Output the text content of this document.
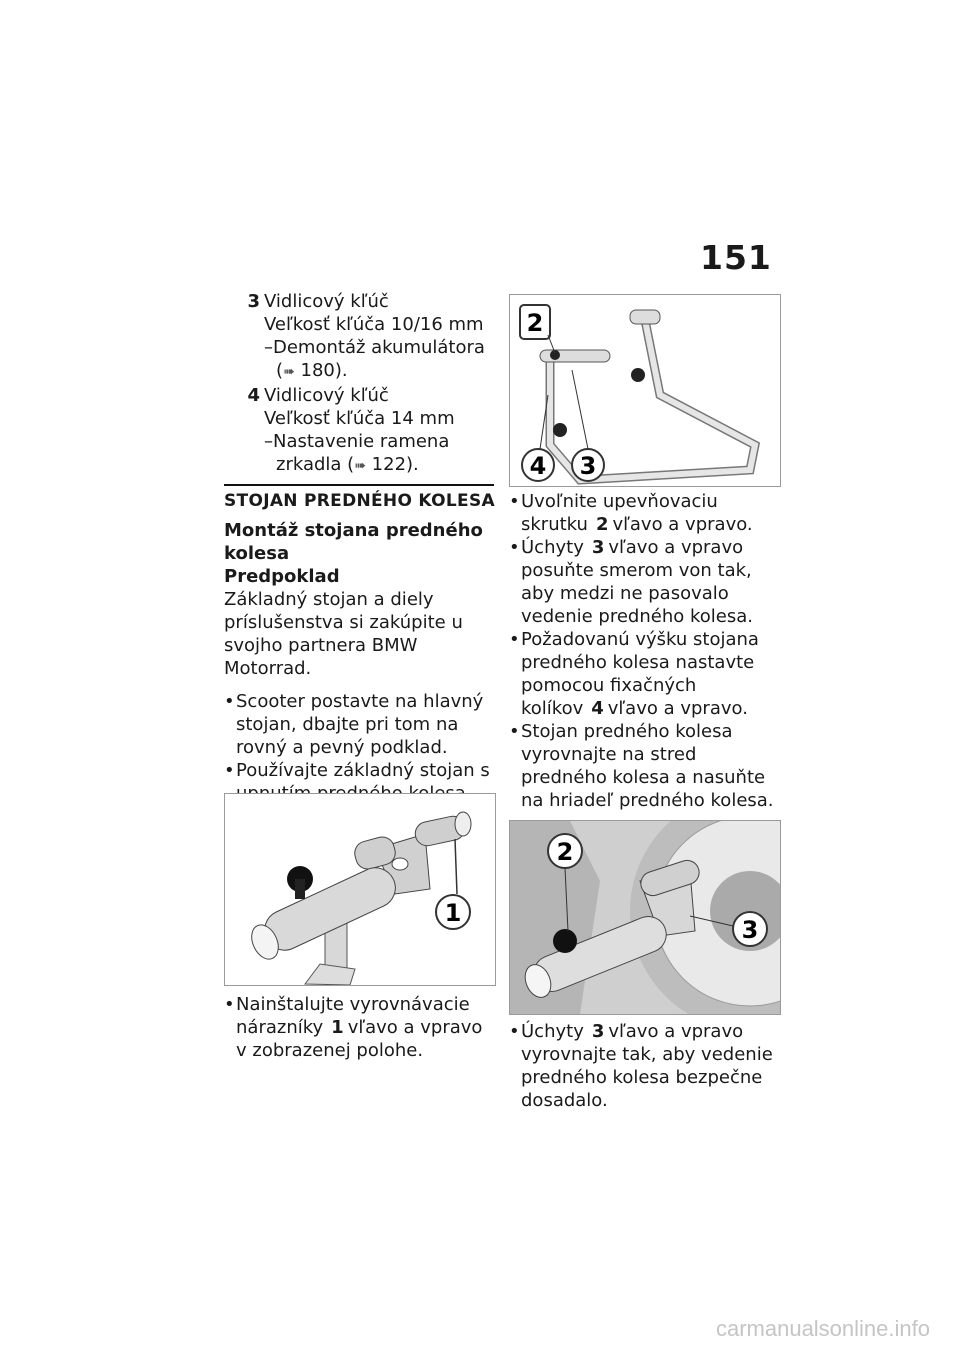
151
3 Vidlicový kľúč
Veľkosť kľúča 10/16 mm
–Demontáž akumulátora
(➠ 180).
4 Vidlicový kľúč
Veľkosť kľúča 14 mm
–Nastavenie ramena zrkadla (➠ 122).
STOJAN PREDNÉHO KOLESA
Montáž stojana predného kolesa
Predpoklad
Základný stojan a diely príslušenstva si zakúpite u svojho partnera BMW Motorrad.
• Scooter postavte na hlavný stojan, dbajte pri tom na rovný a pevný podklad.
• Používajte základný stojan s
1
• Nainštalujte vyrovnávacie nárazníky 1 vľavo a vpravo v zobrazenej polohe.
2
4 3
• Uvoľnite upevňovaciu skrutku 2 vľavo a vpravo.
• Úchyty 3 vľavo a vpravo posuňte smerom von tak, aby medzi ne pasovalo vedenie predného kolesa.
• Požadovanú výšku stojana predného kolesa nastavte pomocou fixačných kolíkov 4 vľavo a vpravo.
• Stojan predného kolesa vyrovnajte na stred predného kolesa a nasuňte na hriadeľ predného kolesa.
2
3
• Úchyty 3 vľavo a vpravo vyrovnajte tak, aby vedenie predného kolesa bezpečne dosadalo.
carmanualsonline.info
